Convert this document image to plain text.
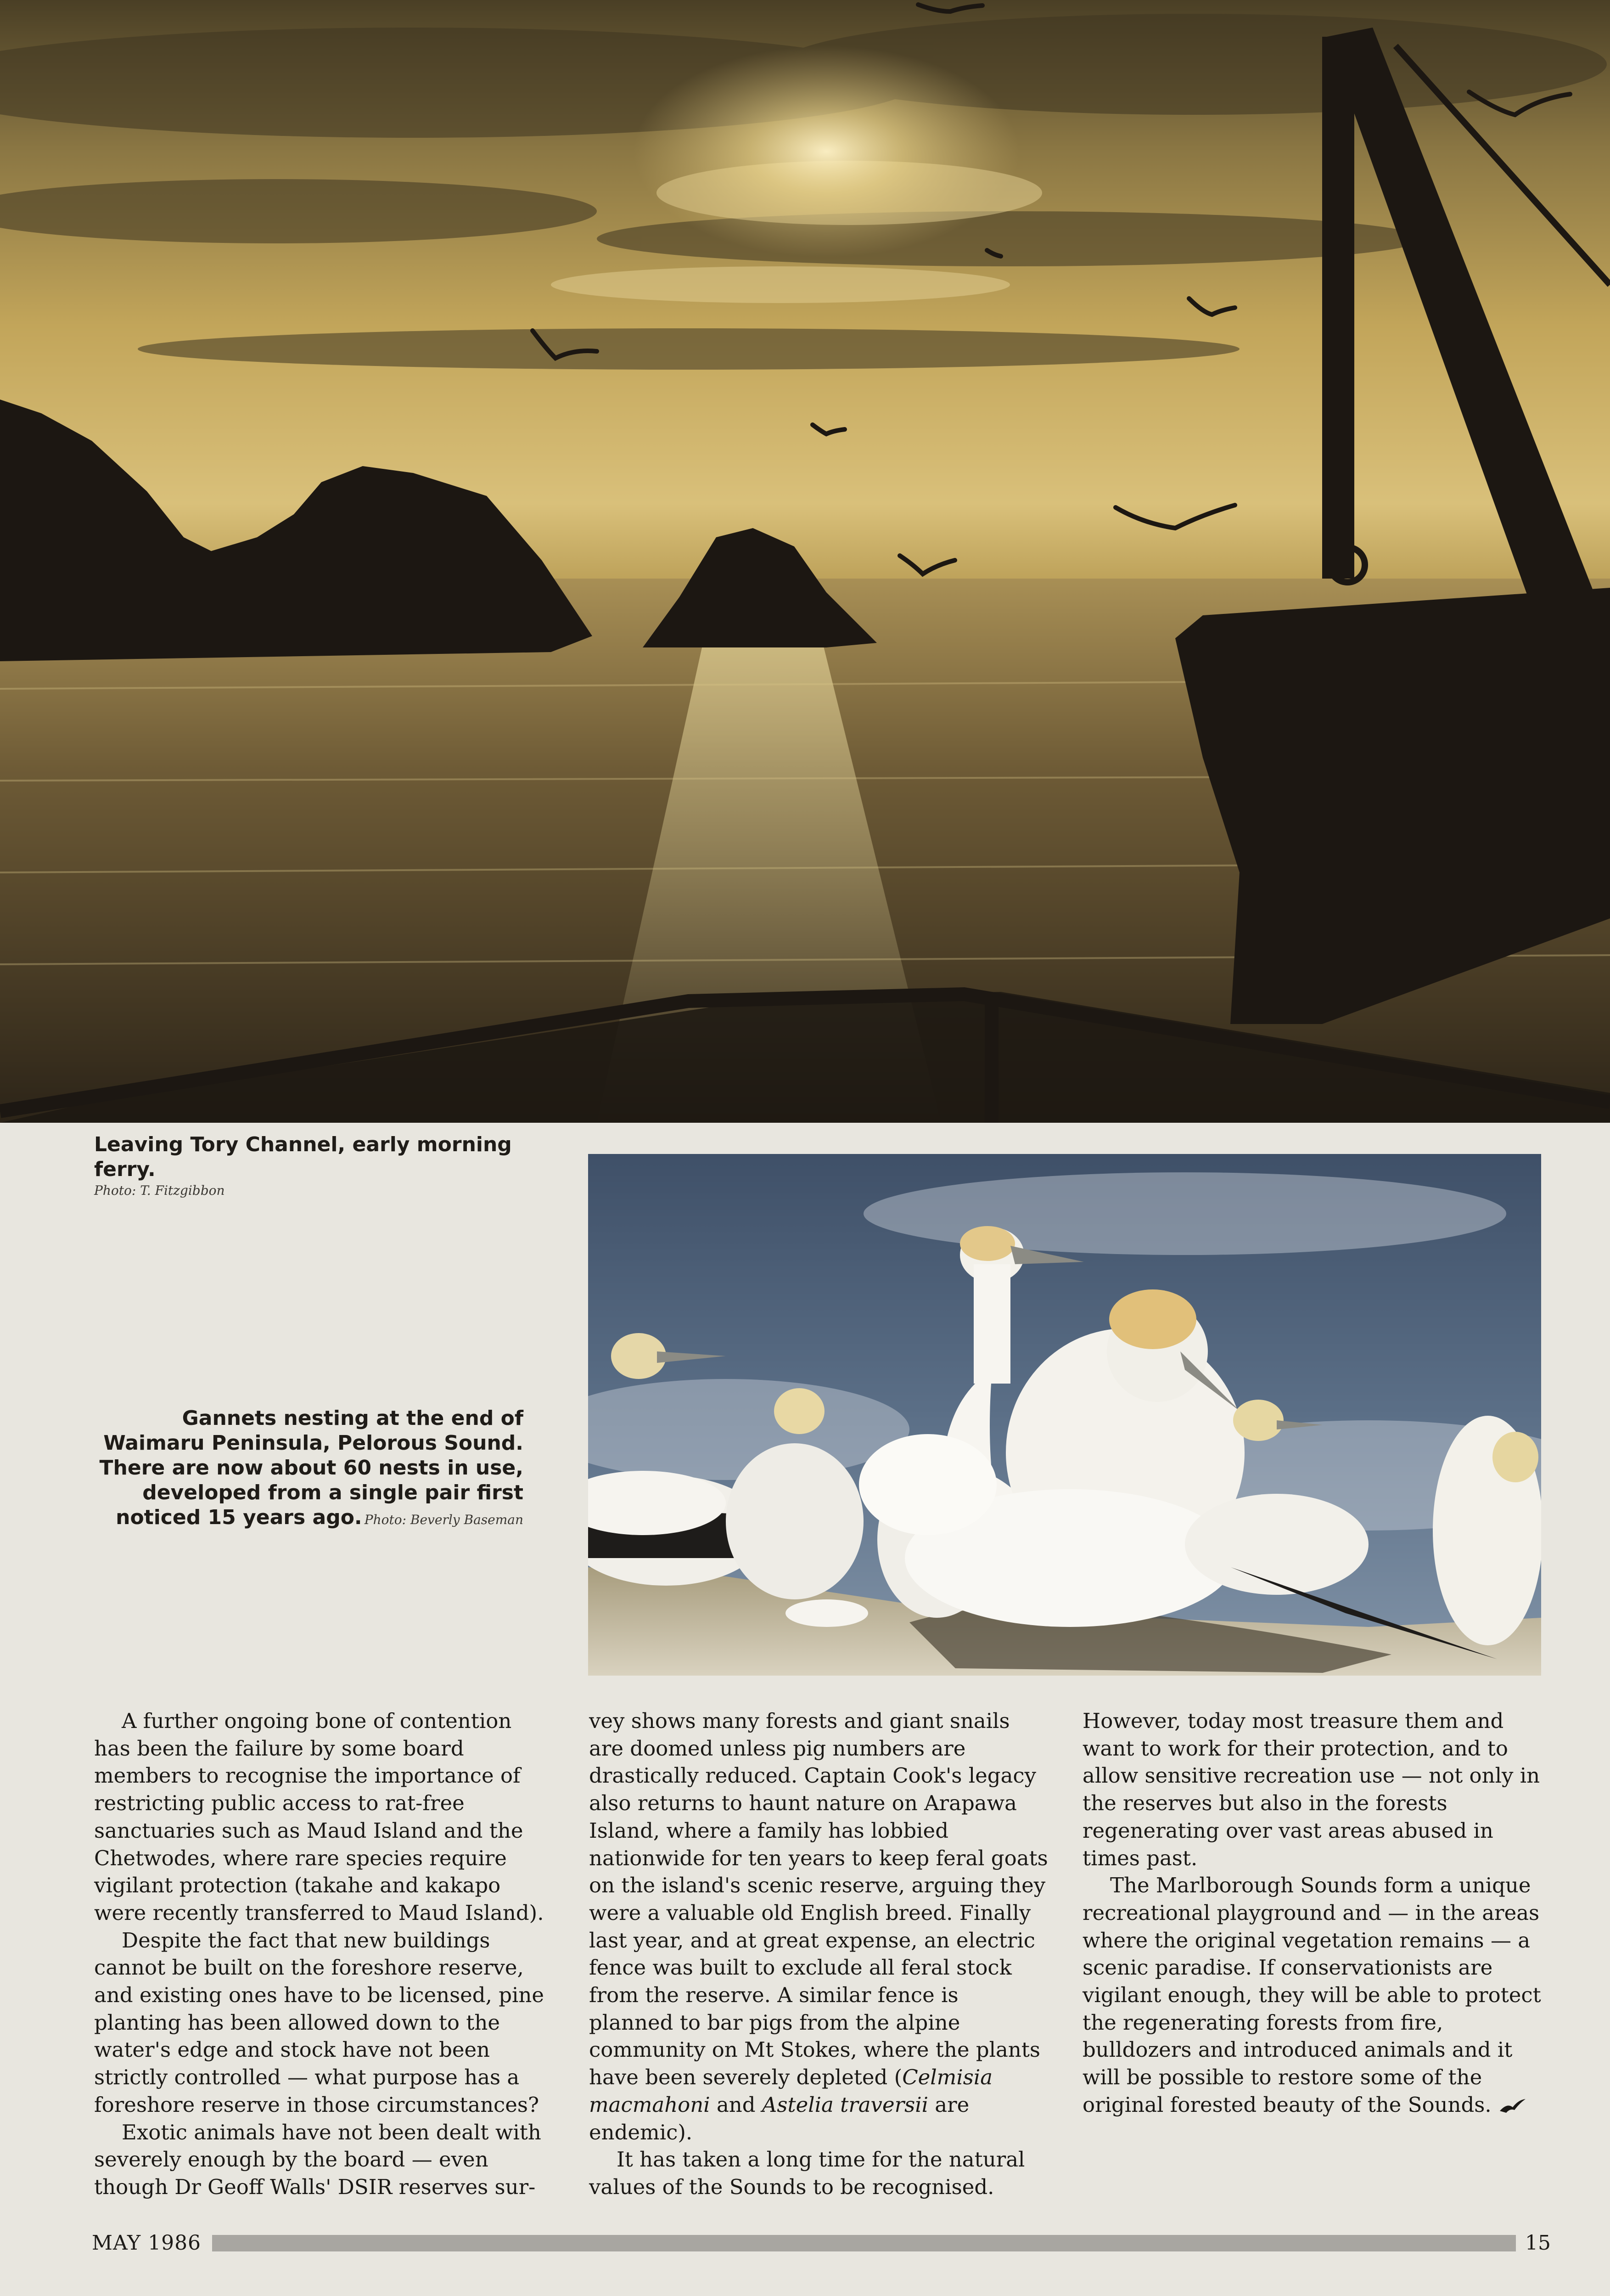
Leaving Tory Channel, early morning ferry.
Photo: T. Fitzgibbon
Gannets nesting at the end of Waimaru Peninsula, Pelorous Sound. There are now about 60 nests in use, developed from a single pair first noticed 15 years ago. Photo: Beverly Baseman

A further ongoing bone of contention has been the failure by some board members to recognise the importance of restricting public access to rat-free sanctuaries such as Maud Island and the Chetwodes, where rare species require vigilant protection (takahe and kakapo were recently transferred to Maud Island).

Despite the fact that new buildings cannot be built on the foreshore reserve, and existing ones have to be licensed, pine planting has been allowed down to the water's edge and stock have not been strictly controlled — what purpose has a foreshore reserve in those circumstances?

Exotic animals have not been dealt with severely enough by the board — even though Dr Geoff Walls' DSIR reserves sur-

vey shows many forests and giant snails are doomed unless pig numbers are drastically reduced. Captain Cook's legacy also returns to haunt nature on Arapawa Island, where a family has lobbied nationwide for ten years to keep feral goats on the island's scenic reserve, arguing they were a valuable old English breed. Finally last year, and at great expense, an electric fence was built to exclude all feral stock from the reserve. A similar fence is planned to bar pigs from the alpine community on Mt Stokes, where the plants have been severely depleted (Celmisia macmahoni and Astelia traversii are endemic).

It has taken a long time for the natural values of the Sounds to be recognised.

However, today most treasure them and want to work for their protection, and to allow sensitive recreation use — not only in the reserves but also in the forests regenerating over vast areas abused in times past.

The Marlborough Sounds form a unique recreational playground and — in the areas where the original vegetation remains — a scenic paradise. If conservationists are vigilant enough, they will be able to protect the regenerating forests from fire, bulldozers and introduced animals and it will be possible to restore some of the original forested beauty of the Sounds.

MAY 1986	15
